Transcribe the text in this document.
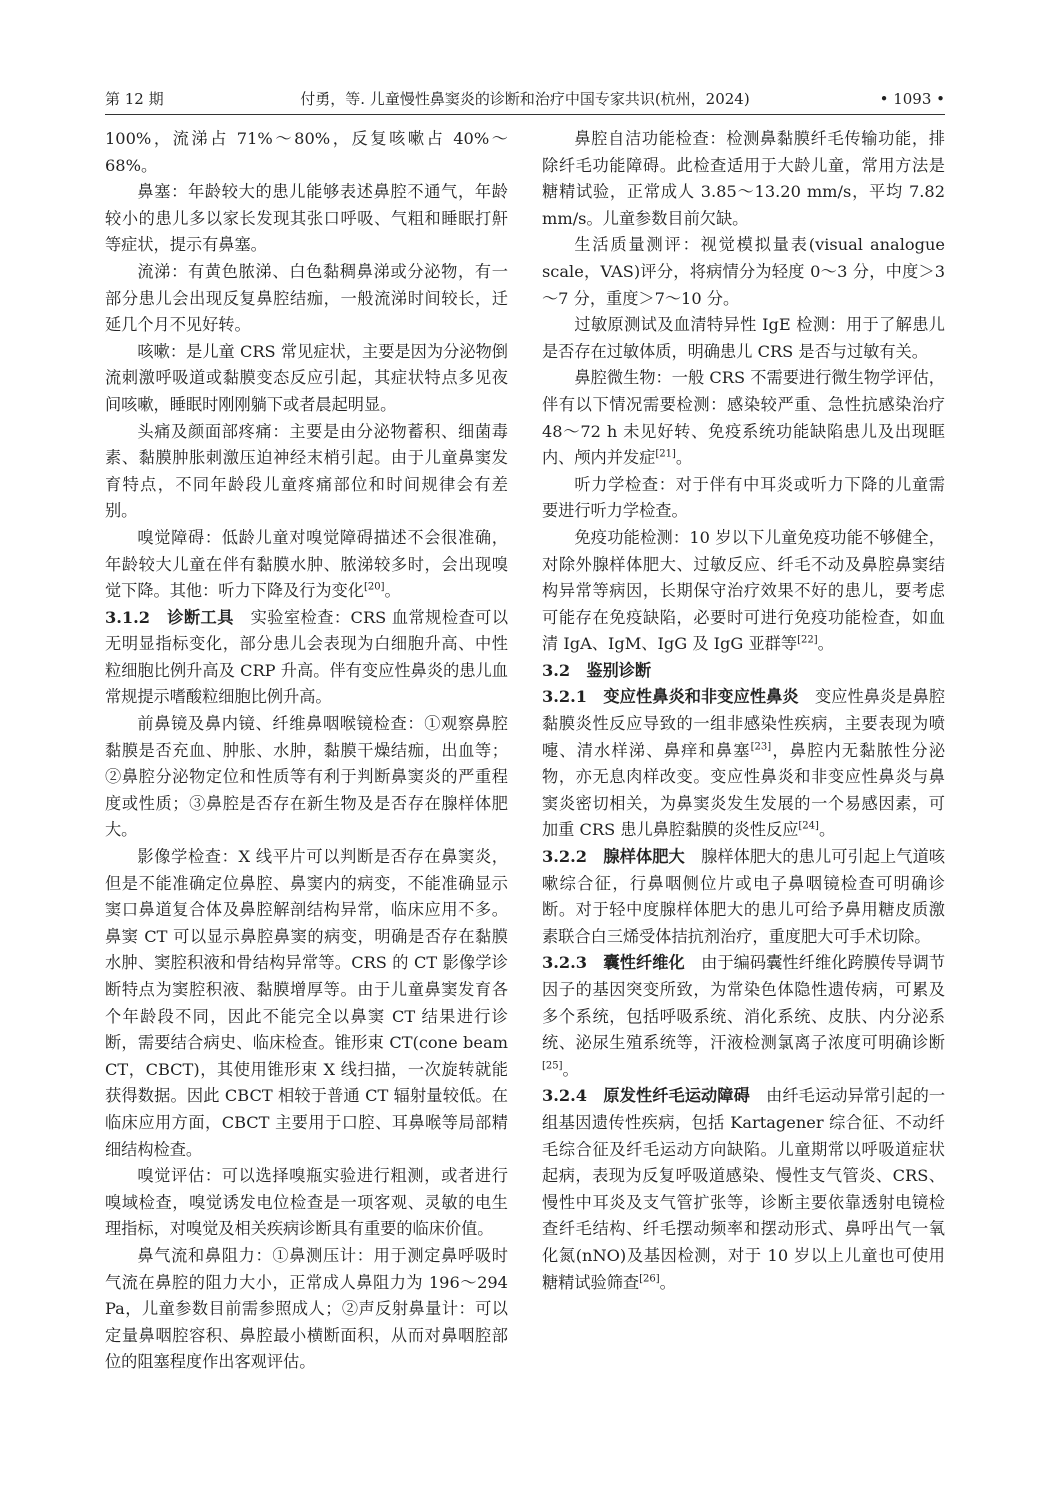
第 12 期	付勇，等. 儿童慢性鼻窦炎的诊断和治疗中国专家共识(杭州，2024)	• 1093 •

100%，流涕占 71%～80%，反复咳嗽占 40%～68%。

鼻塞：年龄较大的患儿能够表述鼻腔不通气，年龄较小的患儿多以家长发现其张口呼吸、气粗和睡眠打鼾等症状，提示有鼻塞。

流涕：有黄色脓涕、白色黏稠鼻涕或分泌物，有一部分患儿会出现反复鼻腔结痂，一般流涕时间较长，迁延几个月不见好转。

咳嗽：是儿童 CRS 常见症状，主要是因为分泌物倒流刺激呼吸道或黏膜变态反应引起，其症状特点多见夜间咳嗽，睡眠时刚刚躺下或者晨起明显。

头痛及颜面部疼痛：主要是由分泌物蓄积、细菌毒素、黏膜肿胀刺激压迫神经末梢引起。由于儿童鼻窦发育特点，不同年龄段儿童疼痛部位和时间规律会有差别。

嗅觉障碍：低龄儿童对嗅觉障碍描述不会很准确，年龄较大儿童在伴有黏膜水肿、脓涕较多时，会出现嗅觉下降。其他：听力下降及行为变化[20]。

3.1.2　 诊断工具　 实验室检查：CRS 血常规检查可以无明显指标变化，部分患儿会表现为白细胞升高、中性粒细胞比例升高及 CRP 升高。伴有变应性鼻炎的患儿血常规提示嗜酸粒细胞比例升高。

前鼻镜及鼻内镜、纤维鼻咽喉镜检查：①观察鼻腔黏膜是否充血、肿胀、水肿，黏膜干燥结痂，出血等；②鼻腔分泌物定位和性质等有利于判断鼻窦炎的严重程度或性质；③鼻腔是否存在新生物及是否存在腺样体肥大。

影像学检查：X 线平片可以判断是否存在鼻窦炎，但是不能准确定位鼻腔、鼻窦内的病变，不能准确显示窦口鼻道复合体及鼻腔解剖结构异常，临床应用不多。鼻窦 CT 可以显示鼻腔鼻窦的病变，明确是否存在黏膜水肿、窦腔积液和骨结构异常等。CRS 的 CT 影像学诊断特点为窦腔积液、黏膜增厚等。由于儿童鼻窦发育各个年龄段不同，因此不能完全以鼻窦 CT 结果进行诊断，需要结合病史、临床检查。锥形束 CT(cone beam CT，CBCT)，其使用锥形束 X 线扫描，一次旋转就能获得数据。因此 CBCT 相较于普通 CT 辐射量较低。在临床应用方面，CBCT 主要用于口腔、耳鼻喉等局部精细结构检查。

嗅觉评估：可以选择嗅瓶实验进行粗测，或者进行嗅域检查，嗅觉诱发电位检查是一项客观、灵敏的电生理指标，对嗅觉及相关疾病诊断具有重要的临床价值。

鼻气流和鼻阻力：①鼻测压计：用于测定鼻呼吸时气流在鼻腔的阻力大小，正常成人鼻阻力为 196～294 Pa，儿童参数目前需参照成人；②声反射鼻量计：可以定量鼻咽腔容积、鼻腔最小横断面积，从而对鼻咽腔部位的阻塞程度作出客观评估。

鼻腔自洁功能检查：检测鼻黏膜纤毛传输功能，排除纤毛功能障碍。此检查适用于大龄儿童，常用方法是糖精试验，正常成人 3.85～13.20 mm/s，平均 7.82 mm/s。儿童参数目前欠缺。

生活质量测评：视觉模拟量表(visual analogue scale，VAS)评分，将病情分为轻度 0～3 分，中度＞3～7 分，重度＞7～10 分。

过敏原测试及血清特异性 IgE 检测：用于了解患儿是否存在过敏体质，明确患儿 CRS 是否与过敏有关。

鼻腔微生物：一般 CRS 不需要进行微生物学评估，伴有以下情况需要检测：感染较严重、急性抗感染治疗 48～72 h 未见好转、免疫系统功能缺陷患儿及出现眶内、颅内并发症[21]。

听力学检查：对于伴有中耳炎或听力下降的儿童需要进行听力学检查。

免疫功能检测：10 岁以下儿童免疫功能不够健全，对除外腺样体肥大、过敏反应、纤毛不动及鼻腔鼻窦结构异常等病因，长期保守治疗效果不好的患儿，要考虑可能存在免疫缺陷，必要时可进行免疫功能检查，如血清 IgA、IgM、IgG 及 IgG 亚群等[22]。

3.2　 鉴别诊断

3.2.1　 变应性鼻炎和非变应性鼻炎　 变应性鼻炎是鼻腔黏膜炎性反应导致的一组非感染性疾病，主要表现为喷嚏、清水样涕、鼻痒和鼻塞[23]，鼻腔内无黏脓性分泌物，亦无息肉样改变。变应性鼻炎和非变应性鼻炎与鼻窦炎密切相关，为鼻窦炎发生发展的一个易感因素，可加重 CRS 患儿鼻腔黏膜的炎性反应[24]。

3.2.2　 腺样体肥大　 腺样体肥大的患儿可引起上气道咳嗽综合征，行鼻咽侧位片或电子鼻咽镜检查可明确诊断。对于轻中度腺样体肥大的患儿可给予鼻用糖皮质激素联合白三烯受体拮抗剂治疗，重度肥大可手术切除。

3.2.3　 囊性纤维化　 由于编码囊性纤维化跨膜传导调节因子的基因突变所致，为常染色体隐性遗传病，可累及多个系统，包括呼吸系统、消化系统、皮肤、内分泌系统、泌尿生殖系统等，汗液检测氯离子浓度可明确诊断[25]。

3.2.4　 原发性纤毛运动障碍　 由纤毛运动异常引起的一组基因遗传性疾病，包括 Kartagener 综合征、不动纤毛综合征及纤毛运动方向缺陷。儿童期常以呼吸道症状起病，表现为反复呼吸道感染、慢性支气管炎、CRS、慢性中耳炎及支气管扩张等，诊断主要依靠透射电镜检查纤毛结构、纤毛摆动频率和摆动形式、鼻呼出气一氧化氮(nNO)及基因检测，对于 10 岁以上儿童也可使用糖精试验筛查[26]。
